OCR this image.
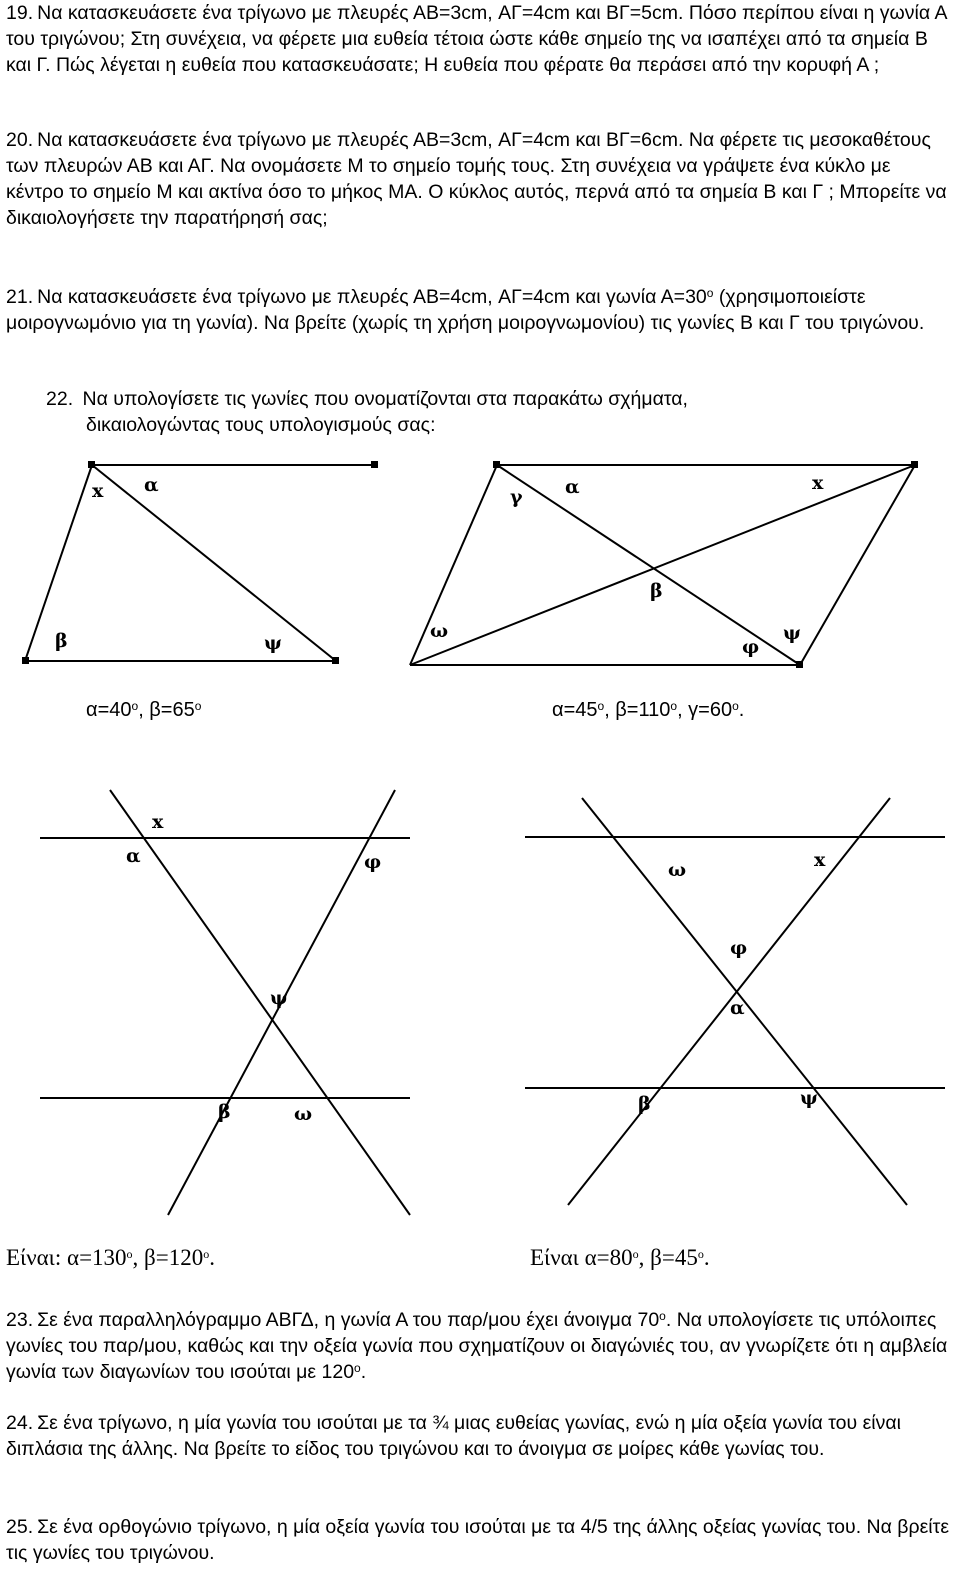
19. Να κατασκευάσετε ένα τρίγωνο με πλευρές ΑΒ=3cm, ΑΓ=4cm και ΒΓ=5cm. Πόσο περίπου είναι η γωνία Α του τριγώνου; Στη συνέχεια, να φέρετε μια ευθεία τέτοια ώστε κάθε σημείο της να ισαπέχει από τα σημεία Β και Γ. Πώς λέγεται η ευθεία που κατασκευάσατε; Η ευθεία που φέρατε θα περάσει από την κορυφή Α ;

20. Να κατασκευάσετε ένα τρίγωνο με πλευρές ΑΒ=3cm, ΑΓ=4cm και ΒΓ=6cm. Να φέρετε τις μεσοκαθέτους των πλευρών ΑΒ και ΑΓ. Να ονομάσετε Μ το σημείο τομής τους. Στη συνέχεια να γράψετε ένα κύκλο με κέντρο το σημείο Μ και ακτίνα όσο το μήκος ΜΑ. Ο κύκλος αυτός, περνά από τα σημεία Β και Γ ; Μπορείτε να δικαιολογήσετε την παρατήρησή σας;

21. Να κατασκευάσετε ένα τρίγωνο με πλευρές ΑΒ=4cm, ΑΓ=4cm και γωνία $A=30^o$ (χρησιμοποιείστε μοιρογνωμόνιο για τη γωνία). Να βρείτε (χωρίς τη χρήση μοιρογνωμονίου) τις γωνίες Β και Γ του τριγώνου.

22. Να υπολογίσετε τις γωνίες που ονοματίζονται στα παρακάτω σχήματα,
δικαιολογώντας τους υπολογισμούς σας:
x α
β	ψ
γ α	x
β
ω	ψ
φ
$\alpha=40^o$, $\beta=65^o$	$\alpha=45^o$, $\beta=110^o$, $\gamma=60^o$.
x
α	φ
ψ
β	ω
ω	x
φ
α
β	ψ
Είναι: $\alpha=130^o$, $\beta=120^o$.	Είναι $\alpha=80^o$, $\beta=45^o$.

23. Σε ένα παραλληλόγραμμο ΑΒΓΔ, η γωνία Α του παρ/μου έχει άνοιγμα $70^o$. Να υπολογίσετε τις υπόλοιπες γωνίες του παρ/μου, καθώς και την οξεία γωνία που σχηματίζουν οι διαγώνιές του, αν γνωρίζετε ότι η αμβλεία γωνία των διαγωνίων του ισούται με $120^o$.

24. Σε ένα τρίγωνο, η μία γωνία του ισούται με τα ¾ μιας ευθείας γωνίας, ενώ η μία οξεία γωνία του είναι διπλάσια της άλλης. Να βρείτε το είδος του τριγώνου και το άνοιγμα σε μοίρες κάθε γωνίας του.

25. Σε ένα ορθογώνιο τρίγωνο, η μία οξεία γωνία του ισούται με τα 4/5 της άλλης οξείας γωνίας του. Να βρείτε τις γωνίες του τριγώνου.
